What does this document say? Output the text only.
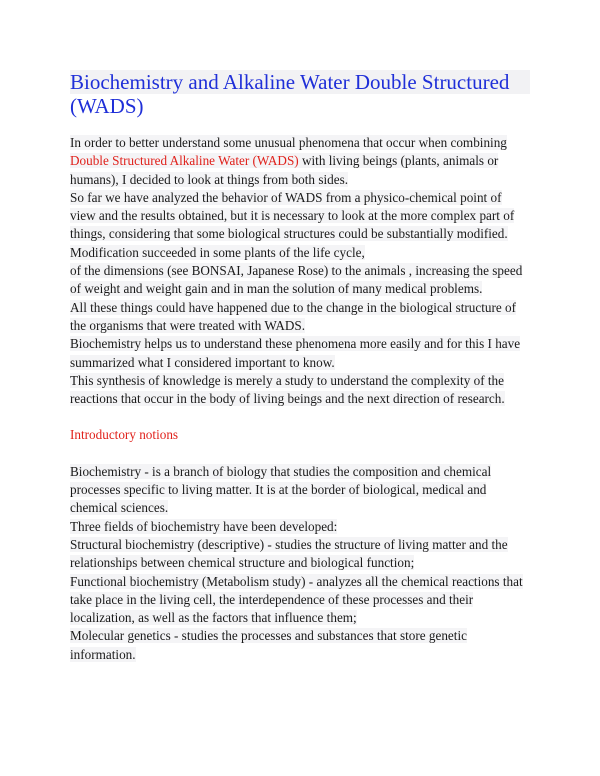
Biochemistry and Alkaline Water Double Structured
(WADS)

In order to better understand some unusual phenomena that occur when combining Double Structured Alkaline Water (WADS) with living beings (plants, animals or humans), I decided to look at things from both sides.

So far we have analyzed the behavior of WADS from a physico-chemical point of view and the results obtained, but it is necessary to look at the more complex part of things, considering that some biological structures could be substantially modified.

Modification succeeded in some plants of the life cycle,

of the dimensions (see BONSAI, Japanese Rose) to the animals , increasing the speed of weight and weight gain and in man the solution of many medical problems.

All these things could have happened due to the change in the biological structure of the organisms that were treated with WADS.

Biochemistry helps us to understand these phenomena more easily and for this I have summarized what I considered important to know.

This synthesis of knowledge is merely a study to understand the complexity of the reactions that occur in the body of living beings and the next direction of research.

Introductory notions

Biochemistry - is a branch of biology that studies the composition and chemical processes specific to living matter. It is at the border of biological, medical and chemical sciences.

Three fields of biochemistry have been developed:

Structural biochemistry (descriptive) - studies the structure of living matter and the relationships between chemical structure and biological function;

Functional biochemistry (Metabolism study) - analyzes all the chemical reactions that take place in the living cell, the interdependence of these processes and their localization, as well as the factors that influence them;

Molecular genetics - studies the processes and substances that store genetic information.
